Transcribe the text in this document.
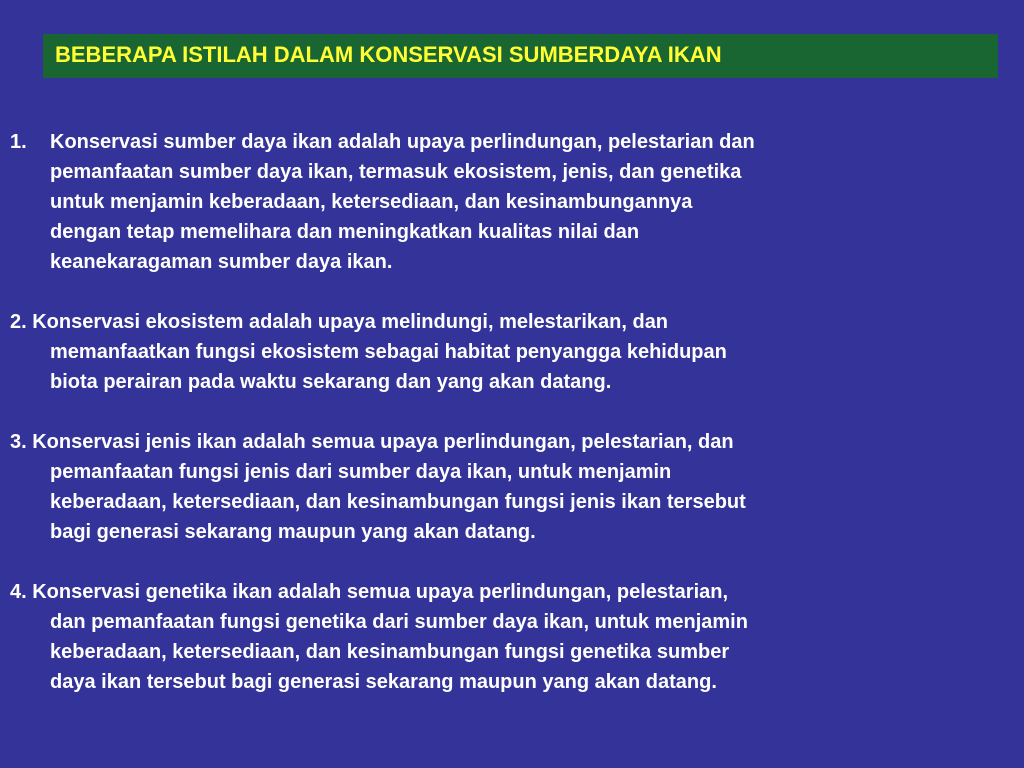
BEBERAPA ISTILAH DALAM KONSERVASI SUMBERDAYA IKAN
1.	Konservasi sumber daya ikan adalah upaya perlindungan, pelestarian dan
pemanfaatan sumber daya ikan, termasuk ekosistem, jenis, dan genetika
untuk menjamin keberadaan, ketersediaan, dan kesinambungannya
dengan tetap memelihara dan meningkatkan kualitas nilai dan
keanekaragaman sumber daya ikan.
2. Konservasi ekosistem adalah upaya melindungi, melestarikan, dan
memanfaatkan fungsi ekosistem sebagai habitat penyangga kehidupan
biota perairan pada waktu sekarang dan yang akan datang.
3. Konservasi jenis ikan adalah semua upaya perlindungan, pelestarian, dan
pemanfaatan fungsi jenis dari sumber daya ikan, untuk menjamin
keberadaan, ketersediaan, dan kesinambungan fungsi jenis ikan tersebut
bagi generasi sekarang maupun yang akan datang.
4. Konservasi genetika ikan adalah semua upaya perlindungan, pelestarian,
dan pemanfaatan fungsi genetika dari sumber daya ikan, untuk menjamin
keberadaan, ketersediaan, dan kesinambungan fungsi genetika sumber
daya ikan tersebut bagi generasi sekarang maupun yang akan datang.
